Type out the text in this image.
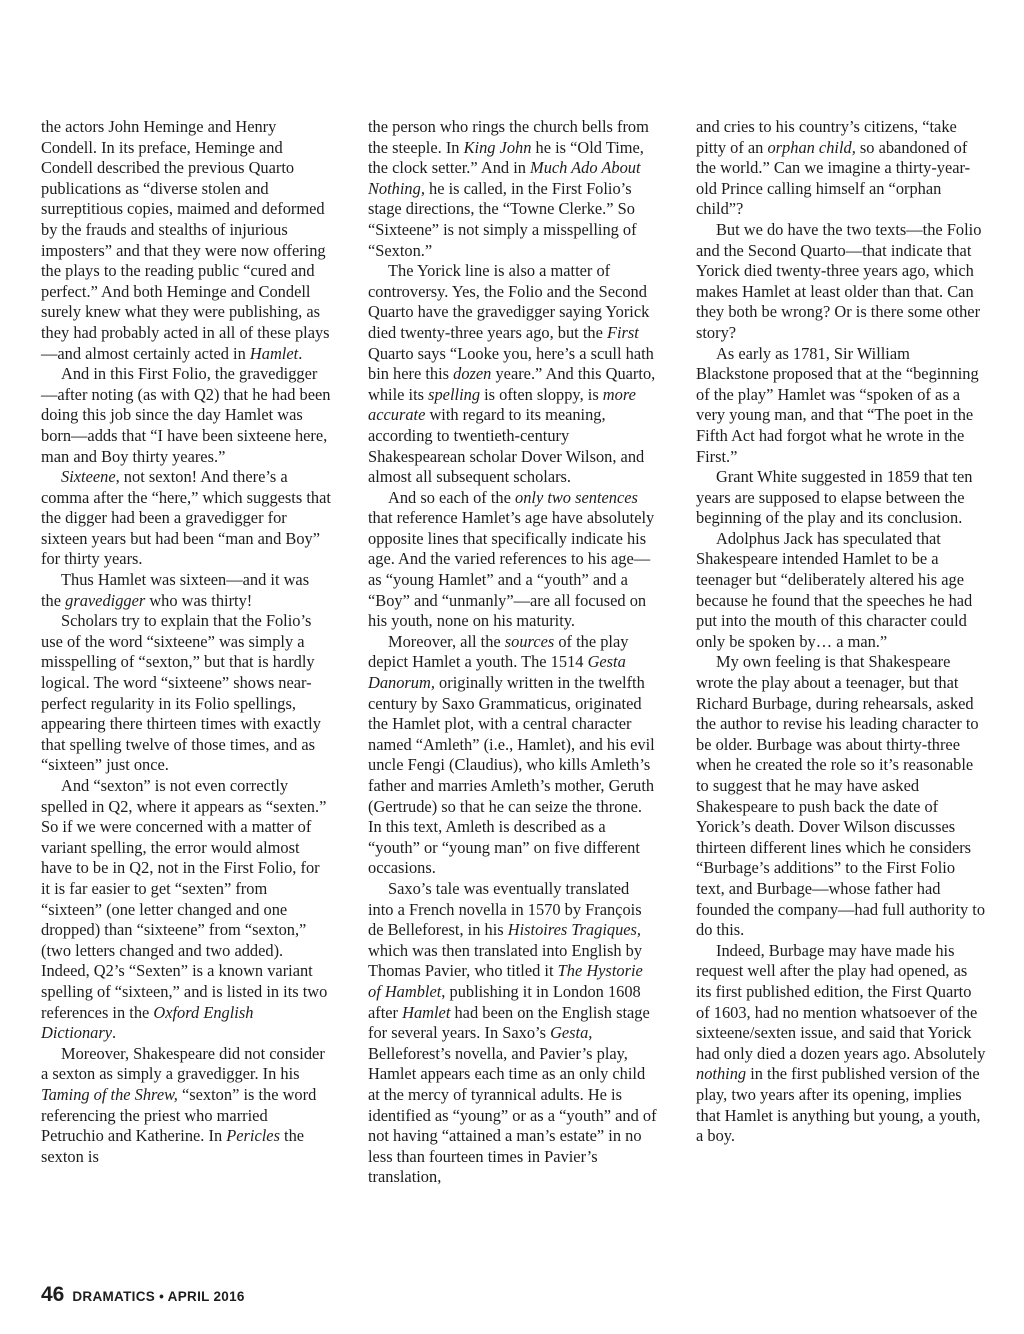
the actors John Heminge and Henry Condell. In its preface, Heminge and Condell described the previous Quarto publications as “diverse stolen and surreptitious copies, maimed and deformed by the frauds and stealths of injurious imposters” and that they were now offering the plays to the reading public “cured and perfect.” And both Heminge and Condell surely knew what they were publishing, as they had probably acted in all of these plays—and almost certainly acted in Hamlet.

And in this First Folio, the gravedigger—after noting (as with Q2) that he had been doing this job since the day Hamlet was born—adds that “I have been sixteene here, man and Boy thirty yeares.”

Sixteene, not sexton! And there’s a comma after the “here,” which suggests that the digger had been a gravedigger for sixteen years but had been “man and Boy” for thirty years.

Thus Hamlet was sixteen—and it was the gravedigger who was thirty!

Scholars try to explain that the Folio’s use of the word “sixteene” was simply a misspelling of “sexton,” but that is hardly logical. The word “sixteene” shows near-perfect regularity in its Folio spellings, appearing there thirteen times with exactly that spelling twelve of those times, and as “sixteen” just once.

And “sexton” is not even correctly spelled in Q2, where it appears as “sexten.” So if we were concerned with a matter of variant spelling, the error would almost have to be in Q2, not in the First Folio, for it is far easier to get “sexten” from “sixteen” (one letter changed and one dropped) than “sixteene” from “sexton,” (two letters changed and two added). Indeed, Q2’s “Sexten” is a known variant spelling of “sixteen,” and is listed in its two references in the Oxford English Dictionary.

Moreover, Shakespeare did not consider a sexton as simply a gravedigger. In his Taming of the Shrew, “sexton” is the word referencing the priest who married Petruchio and Katherine. In Pericles the sexton is

the person who rings the church bells from the steeple. In King John he is “Old Time, the clock setter.” And in Much Ado About Nothing, he is called, in the First Folio’s stage directions, the “Towne Clerke.” So “Sixteene” is not simply a misspelling of “Sexton.”

The Yorick line is also a matter of controversy. Yes, the Folio and the Second Quarto have the gravedigger saying Yorick died twenty-three years ago, but the First Quarto says “Looke you, here’s a scull hath bin here this dozen yeare.” And this Quarto, while its spelling is often sloppy, is more accurate with regard to its meaning, according to twentieth-century Shakespearean scholar Dover Wilson, and almost all subsequent scholars.

And so each of the only two sentences that reference Hamlet’s age have absolutely opposite lines that specifically indicate his age. And the varied references to his age—as “young Hamlet” and a “youth” and a “Boy” and “unmanly”—are all focused on his youth, none on his maturity.

Moreover, all the sources of the play depict Hamlet a youth. The 1514 Gesta Danorum, originally written in the twelfth century by Saxo Grammaticus, originated the Hamlet plot, with a central character named “Amleth” (i.e., Hamlet), and his evil uncle Fengi (Claudius), who kills Amleth’s father and marries Amleth’s mother, Geruth (Gertrude) so that he can seize the throne. In this text, Amleth is described as a “youth” or “young man” on five different occasions.

Saxo’s tale was eventually translated into a French novella in 1570 by François de Belleforest, in his Histoires Tragiques, which was then translated into English by Thomas Pavier, who titled it The Hystorie of Hamblet, publishing it in London 1608 after Hamlet had been on the English stage for several years. In Saxo’s Gesta, Belleforest’s novella, and Pavier’s play, Hamlet appears each time as an only child at the mercy of tyrannical adults. He is identified as “young” or as a “youth” and of not having “attained a man’s estate” in no less than fourteen times in Pavier’s translation,

and cries to his country’s citizens, “take pitty of an orphan child, so abandoned of the world.” Can we imagine a thirty-year-old Prince calling himself an “orphan child”?

But we do have the two texts—the Folio and the Second Quarto—that indicate that Yorick died twenty-three years ago, which makes Hamlet at least older than that. Can they both be wrong? Or is there some other story?

As early as 1781, Sir William Blackstone proposed that at the “beginning of the play” Hamlet was “spoken of as a very young man, and that “The poet in the Fifth Act had forgot what he wrote in the First.”

Grant White suggested in 1859 that ten years are supposed to elapse between the beginning of the play and its conclusion.

Adolphus Jack has speculated that Shakespeare intended Hamlet to be a teenager but “deliberately altered his age because he found that the speeches he had put into the mouth of this character could only be spoken by… a man.”

My own feeling is that Shakespeare wrote the play about a teenager, but that Richard Burbage, during rehearsals, asked the author to revise his leading character to be older. Burbage was about thirty-three when he created the role so it’s reasonable to suggest that he may have asked Shakespeare to push back the date of Yorick’s death. Dover Wilson discusses thirteen different lines which he considers “Burbage’s additions” to the First Folio text, and Burbage—whose father had founded the company—had full authority to do this.

Indeed, Burbage may have made his request well after the play had opened, as its first published edition, the First Quarto of 1603, had no mention whatsoever of the sixteene/sexten issue, and said that Yorick had only died a dozen years ago. Absolutely nothing in the first published version of the play, two years after its opening, implies that Hamlet is anything but young, a youth, a boy.

46 DRAMATICS • APRIL 2016
